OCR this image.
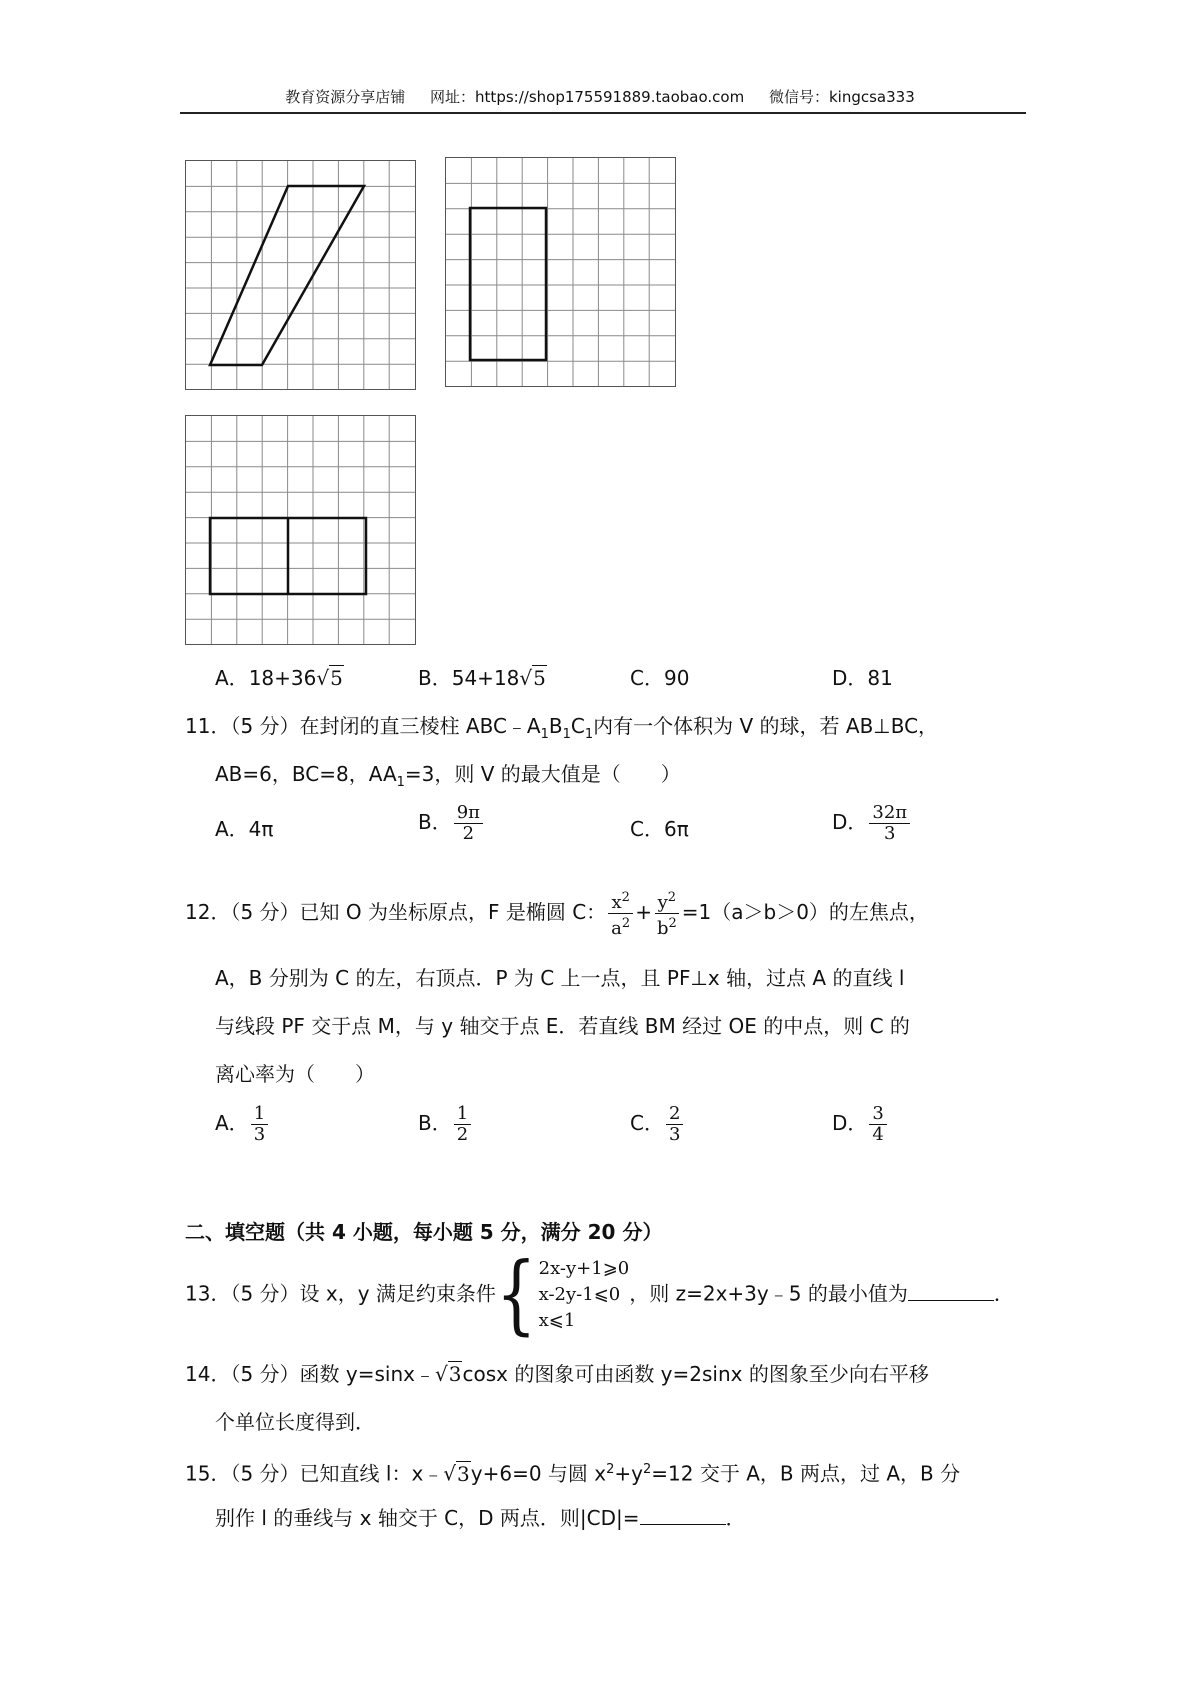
教育资源分享店铺 网址：https://shop175591889.taobao.com 微信号：kingcsa333
A．18+36√5	B．54+18√5	C．90	D．81
11．（5 分）在封闭的直三棱柱 $ABC﹣A_1B_1C_1$内有一个体积为 V 的球，若 AB⊥BC，
AB=6，BC=8，$AA_1=3$，则 V 的最大值是（　　）
A．4π	B． $\frac{9\pi}{2}$	C．6π	D． $\frac{32\pi}{3}$
12．（5 分）已知 O 为坐标原点，F 是椭圆 C： $\frac{x^2}{a^2} + \frac{y^2}{b^2} =1(a>b>0)$的左焦点，
A，B 分别为 C 的左，右顶点．P 为 C 上一点，且 PF⊥x 轴，过点 A 的直线 l
与线段 PF 交于点 M，与 y 轴交于点 E．若直线 BM 经过 OE 的中点，则 C 的
离心率为（　　）
A． $\frac{1}{3}$	B． $\frac{1}{2}$	C． $\frac{2}{3}$	D． $\frac{3}{4}$
二、填空题（共 4 小题，每小题 5 分，满分 20 分）
13．（5 分）设 x，y 满足约束条件 { 2x-y+1⩾0
x-2y-1⩽0
x⩽1
，则 z=2x+3y﹣5 的最小值为	．
14．（5 分）函数 y=sinx﹣√3cosx 的图象可由函数 y=2sinx 的图象至少向右平移
个单位长度得到．
15．（5 分）已知直线 l：x﹣√3y+6=0 与圆 $x^2+y^2=12$ 交于 A，B 两点，过 A，B 分
别作 l 的垂线与 x 轴交于 C，D 两点．则|CD|=	．
